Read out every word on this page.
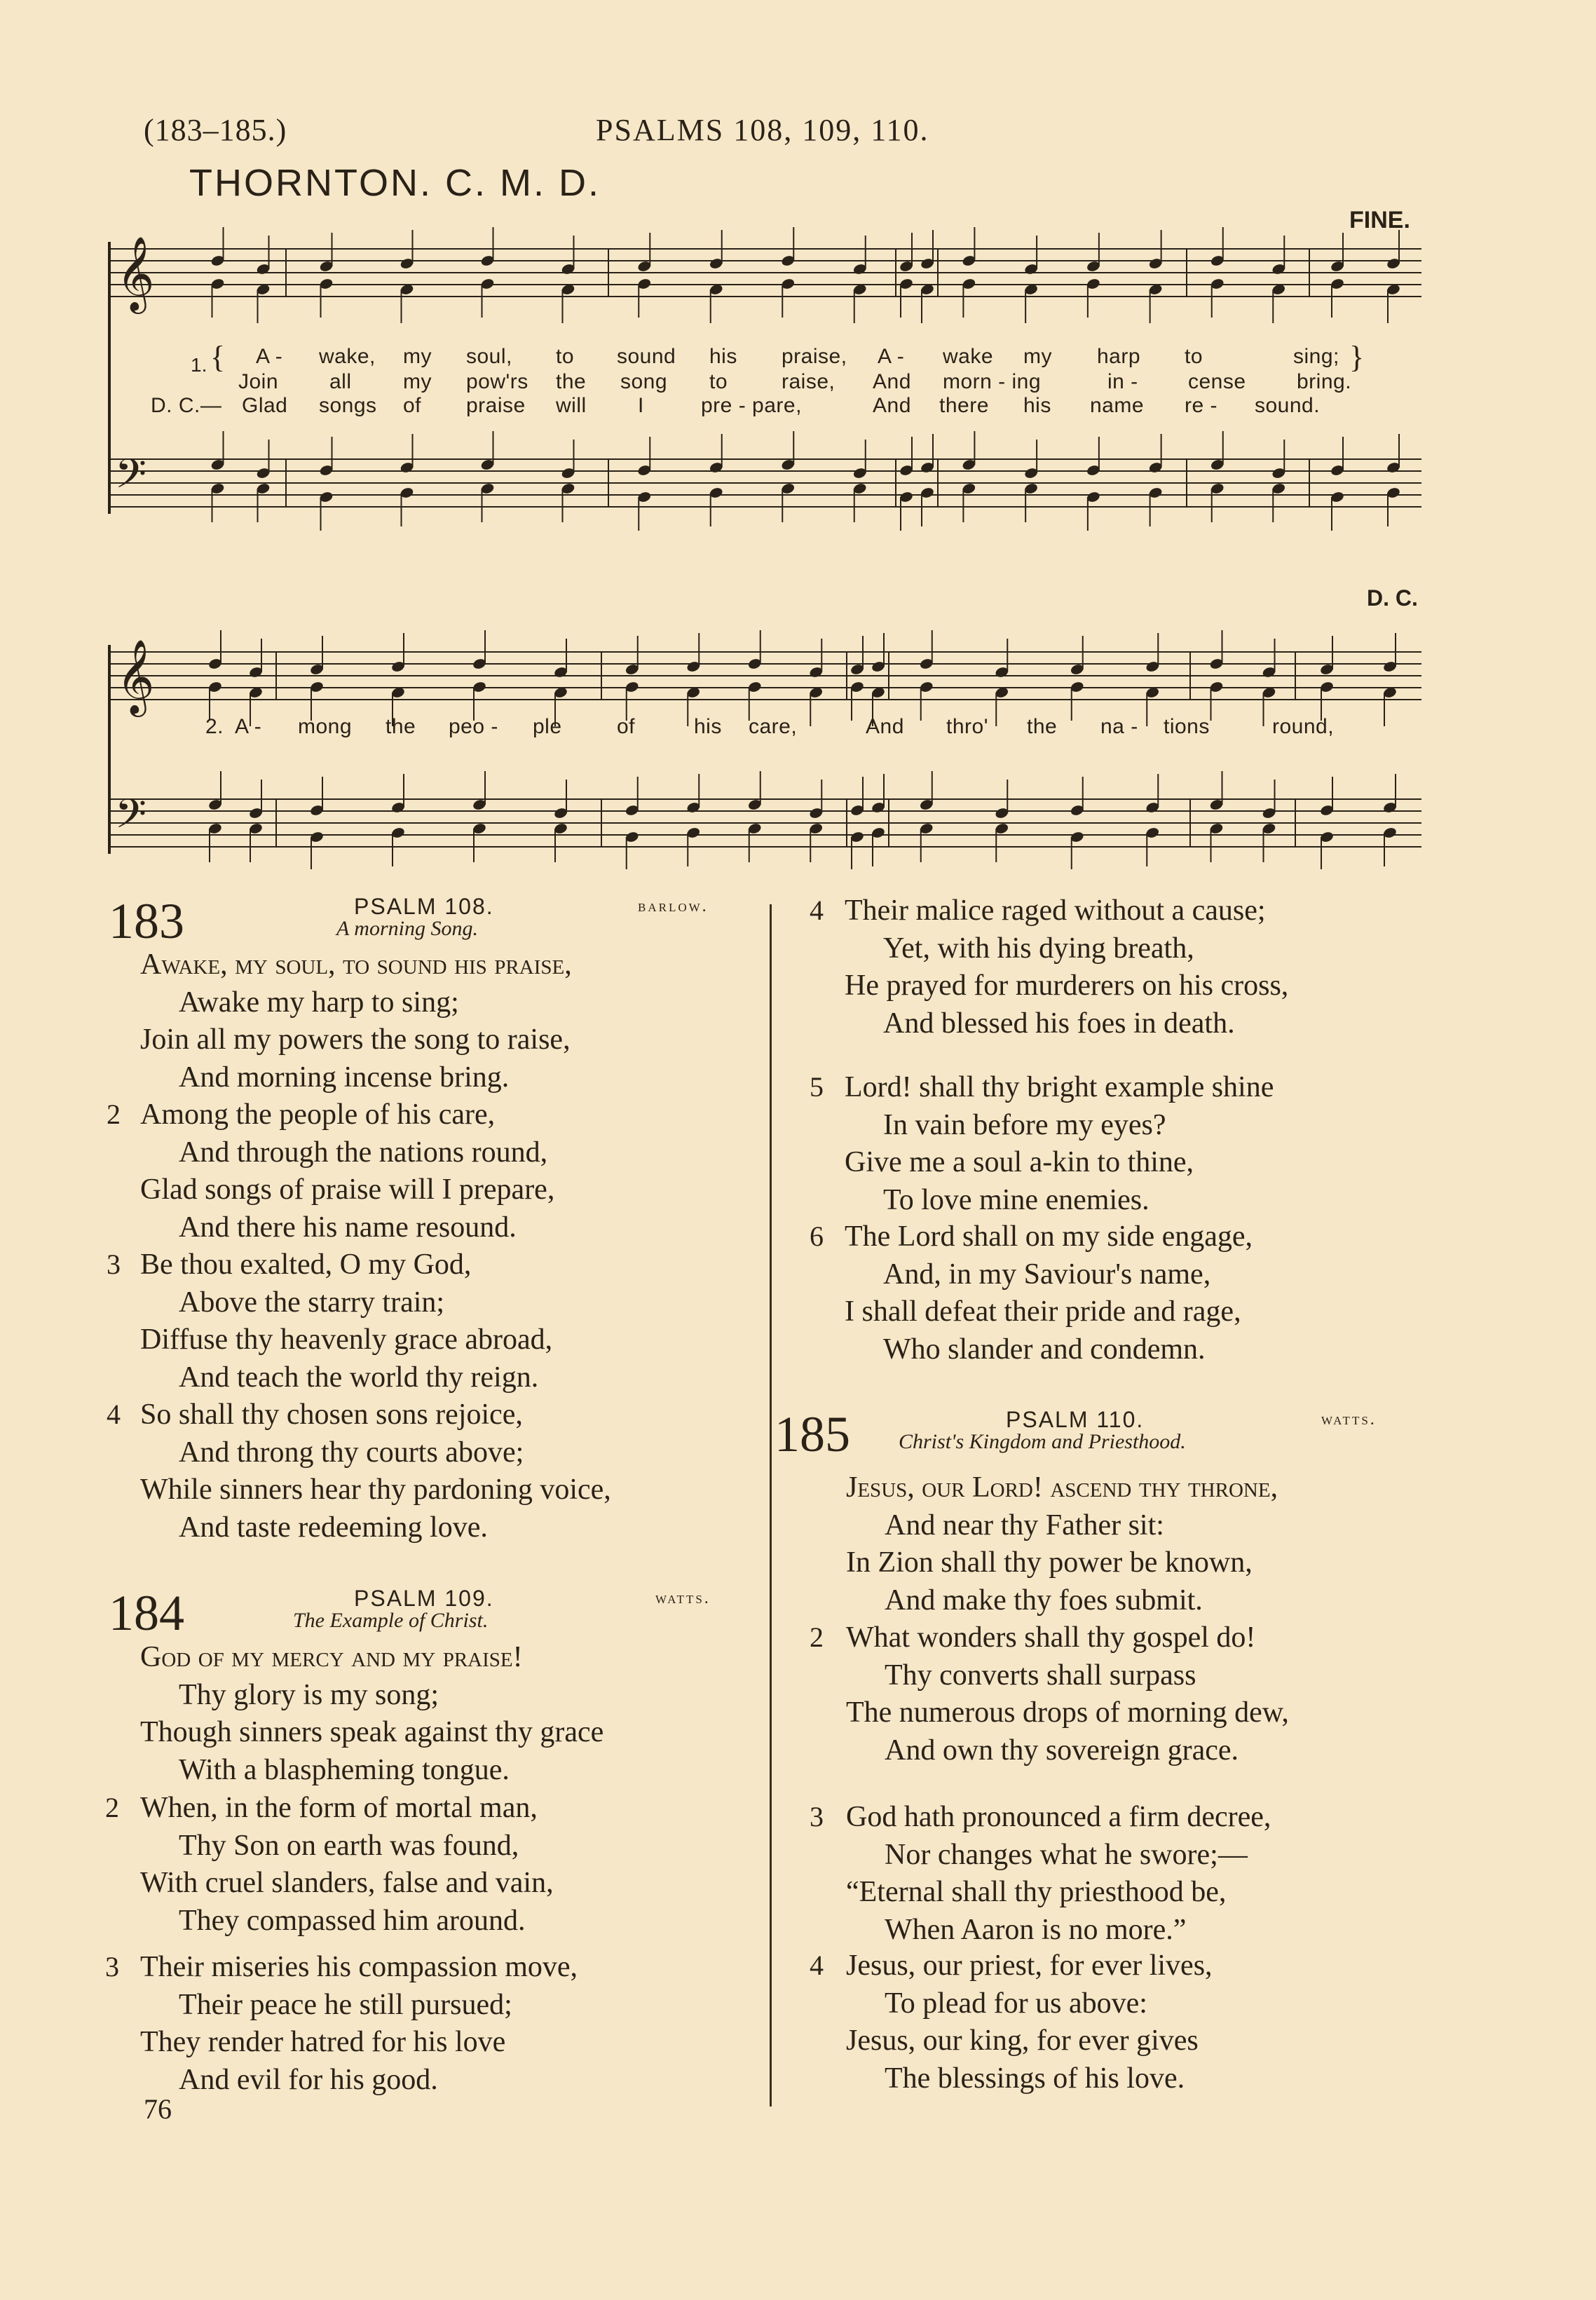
(183–185.)	PSALMS 108, 109, 110.
THORNTON. C. M. D.
FINE.
D. C.
𝄞
𝄢
1. {	}
A - wake, my soul, to sound his praise, A - wake my harp to	sing;
Join all my pow'rs the song to	raise, And morn - ing	in - cense bring.
D. C.— Glad songs of praise will I	pre - pare,	And there his name re - sound.
𝄞
𝄢
2. A - mong the peo - ple	of	his care,	And thro' the na - tions	round,
183	PSALM 108.	barlow.
A morning Song.
Awake, my soul, to sound his praise,
Awake my harp to sing;
Join all my powers the song to raise,
And morning incense bring.
2 Among the people of his care,
And through the nations round,
Glad songs of praise will I prepare,
And there his name resound.
3 Be thou exalted, O my God,
Above the starry train;
Diffuse thy heavenly grace abroad,
And teach the world thy reign.
4 So shall thy chosen sons rejoice,
And throng thy courts above;
While sinners hear thy pardoning voice,
And taste redeeming love.
184	PSALM 109.	watts.
The Example of Christ.
God of my mercy and my praise!
Thy glory is my song;
Though sinners speak against thy grace
With a blaspheming tongue.
2 When, in the form of mortal man,
Thy Son on earth was found,
With cruel slanders, false and vain,
They compassed him around.
3 Their miseries his compassion move,
Their peace he still pursued;
They render hatred for his love
And evil for his good.
4 Their malice raged without a cause;
Yet, with his dying breath,
He prayed for murderers on his cross,
And blessed his foes in death.
5 Lord! shall thy bright example shine
In vain before my eyes?
Give me a soul a-kin to thine,
To love mine enemies.
6 The Lord shall on my side engage,
And, in my Saviour's name,
I shall defeat their pride and rage,
Who slander and condemn.
185	PSALM 110.	watts.
Christ's Kingdom and Priesthood.
Jesus, our Lord! ascend thy throne,
And near thy Father sit:
In Zion shall thy power be known,
And make thy foes submit.
2 What wonders shall thy gospel do!
Thy converts shall surpass
The numerous drops of morning dew,
And own thy sovereign grace.
3 God hath pronounced a firm decree,
Nor changes what he swore;—
“Eternal shall thy priesthood be,
When Aaron is no more.”
4 Jesus, our priest, for ever lives,
To plead for us above:
Jesus, our king, for ever gives
The blessings of his love.
76
